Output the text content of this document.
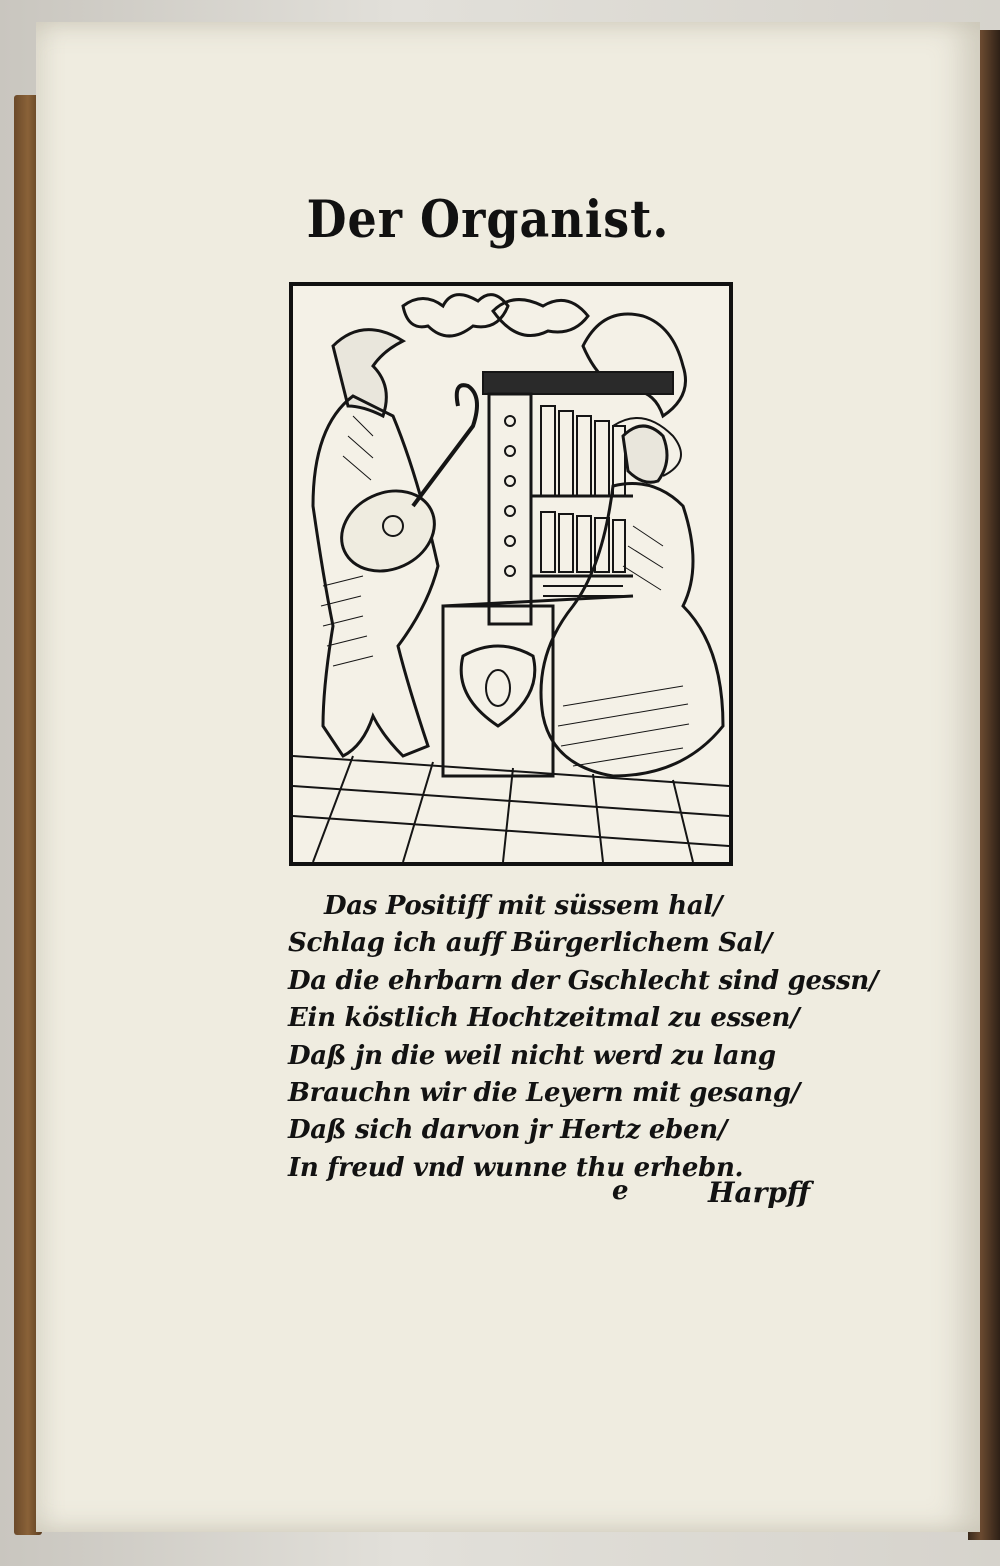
Der Organist.
Das Positiff mit süssem hal/
Schlag ich auff Bürgerlichem Sal/
Da die ehrbarn der Gschlecht sind gessn/
Ein köstlich Hochtzeitmal zu essen/
Daß jn die weil nicht werd zu lang
Brauchn wir die Leyern mit gesang/
Daß sich darvon jr Hertz eben/
In freud vnd wunne thu erhebn.
e	Harpff
